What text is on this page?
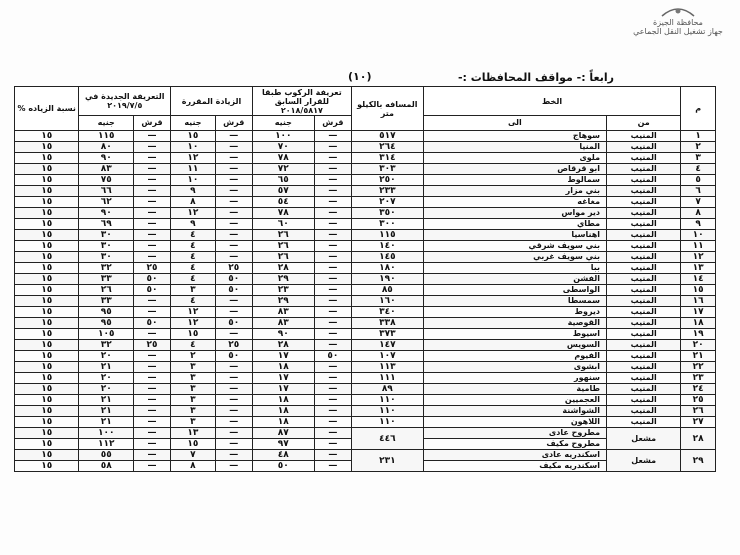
محافظة الجيزة
جهاز تشغيل النقل الجماعي
(١٠)	رابعاً :- مواقف المحافظات :-
م	الخط		المسافه بالكيلو متر	تعريفة الركوب طبقا للقرار السابق ٢٠١٨/٥٨١٧		الزيادة المقررة		التعريفة الجديدة في ٢٠١٩/٧/٥		نسبة الزياده %
	من	الى		قرش	جنيه	قرش	جنيه	قرش	جنيه	
١	المنيب	سوهاج	٥١٧	—	١٠٠	—	١٥	—	١١٥	١٥
٢	المنيب	المنيا	٢٦٤	—	٧٠	—	١٠	—	٨٠	١٥
٣	المنيب	ملوى	٣١٤	—	٧٨	—	١٢	—	٩٠	١٥
٤	المنيب	ابو قرقاص	٣٠٣	—	٧٢	—	١١	—	٨٣	١٥
٥	المنيب	سمالوط	٢٥٠	—	٦٥	—	١٠	—	٧٥	١٥
٦	المنيب	بني مزار	٢٣٣	—	٥٧	—	٩	—	٦٦	١٥
٧	المنيب	مغاغه	٢٠٧	—	٥٤	—	٨	—	٦٢	١٥
٨	المنيب	دير مواس	٣٥٠	—	٧٨	—	١٢	—	٩٠	١٥
٩	المنيب	مطاي	٣٠٠	—	٦٠	—	٩	—	٦٩	١٥
١٠	المنيب	اهناسيا	١١٥	—	٢٦	—	٤	—	٣٠	١٥
١١	المنيب	بني سويف شرقي	١٤٠	—	٢٦	—	٤	—	٣٠	١٥
١٢	المنيب	بني سويف غربي	١٤٥	—	٢٦	—	٤	—	٣٠	١٥
١٣	المنيب	ببا	١٨٠	—	٢٨	٢٥	٤	٢٥	٣٢	١٥
١٤	المنيب	الفشن	١٩٠	—	٢٩	٥٠	٤	٥٠	٣٣	١٥
١٥	المنيب	الواسطى	٨٥	—	٢٣	٥٠	٣	٥٠	٢٦	١٥
١٦	المنيب	سمسطا	١٦٠	—	٢٩	—	٤	—	٣٣	١٥
١٧	المنيب	ديروط	٣٤٠	—	٨٣	—	١٢	—	٩٥	١٥
١٨	المنيب	القوصية	٣٣٨	—	٨٣	٥٠	١٢	٥٠	٩٥	١٥
١٩	المنيب	اسيوط	٣٧٣	—	٩٠	—	١٥	—	١٠٥	١٥
٢٠	المنيب	السويس	١٤٧	—	٢٨	٢٥	٤	٢٥	٣٢	١٥
٢١	المنيب	الفيوم	١٠٧	٥٠	١٧	٥٠	٢	—	٢٠	١٥
٢٢	المنيب	ابشوى	١١٣	—	١٨	—	٣	—	٢١	١٥
٢٣	المنيب	سنهور	١١١	—	١٧	—	٣	—	٢٠	١٥
٢٤	المنيب	طامية	٨٩	—	١٧	—	٣	—	٢٠	١٥
٢٥	المنيب	العجميين	١١٠	—	١٨	—	٣	—	٢١	١٥
٢٦	المنيب	الشواشنة	١١٠	—	١٨	—	٣	—	٢١	١٥
٢٧	المنيب	اللاهون	١١٠	—	١٨	—	٣	—	٢١	١٥
٢٨	مشعل	مطروح عادى	٤٤٦	—	٨٧	—	١٣	—	١٠٠	١٥
		مطروح مكيف		—	٩٧	—	١٥	—	١١٢	١٥
٢٩	مشعل	اسكندريه عادى	٢٣١	—	٤٨	—	٧	—	٥٥	١٥
		اسكندريه مكيف		—	٥٠	—	٨	—	٥٨	١٥
